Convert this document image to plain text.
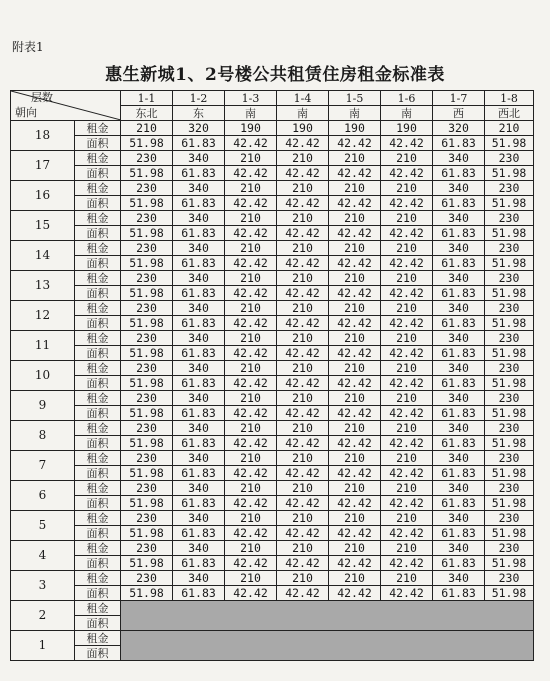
附表1
惠生新城1、2号楼公共租赁住房租金标准表
层数
朝向		1-1	1-2	1-3	1-4	1-5	1-6	1-7	1-8
		东北	东	南	南	南	南	西	西北
18	租金	210	320	190	190	190	190	320	210
	面积	51.98	61.83	42.42	42.42	42.42	42.42	61.83	51.98
17	租金	230	340	210	210	210	210	340	230
	面积	51.98	61.83	42.42	42.42	42.42	42.42	61.83	51.98
16	租金	230	340	210	210	210	210	340	230
	面积	51.98	61.83	42.42	42.42	42.42	42.42	61.83	51.98
15	租金	230	340	210	210	210	210	340	230
	面积	51.98	61.83	42.42	42.42	42.42	42.42	61.83	51.98
14	租金	230	340	210	210	210	210	340	230
	面积	51.98	61.83	42.42	42.42	42.42	42.42	61.83	51.98
13	租金	230	340	210	210	210	210	340	230
	面积	51.98	61.83	42.42	42.42	42.42	42.42	61.83	51.98
12	租金	230	340	210	210	210	210	340	230
	面积	51.98	61.83	42.42	42.42	42.42	42.42	61.83	51.98
11	租金	230	340	210	210	210	210	340	230
	面积	51.98	61.83	42.42	42.42	42.42	42.42	61.83	51.98
10	租金	230	340	210	210	210	210	340	230
	面积	51.98	61.83	42.42	42.42	42.42	42.42	61.83	51.98
9	租金	230	340	210	210	210	210	340	230
	面积	51.98	61.83	42.42	42.42	42.42	42.42	61.83	51.98
8	租金	230	340	210	210	210	210	340	230
	面积	51.98	61.83	42.42	42.42	42.42	42.42	61.83	51.98
7	租金	230	340	210	210	210	210	340	230
	面积	51.98	61.83	42.42	42.42	42.42	42.42	61.83	51.98
6	租金	230	340	210	210	210	210	340	230
	面积	51.98	61.83	42.42	42.42	42.42	42.42	61.83	51.98
5	租金	230	340	210	210	210	210	340	230
	面积	51.98	61.83	42.42	42.42	42.42	42.42	61.83	51.98
4	租金	230	340	210	210	210	210	340	230
	面积	51.98	61.83	42.42	42.42	42.42	42.42	61.83	51.98
3	租金	230	340	210	210	210	210	340	230
	面积	51.98	61.83	42.42	42.42	42.42	42.42	61.83	51.98
2	租金								
	面积								
1	租金								
	面积								
